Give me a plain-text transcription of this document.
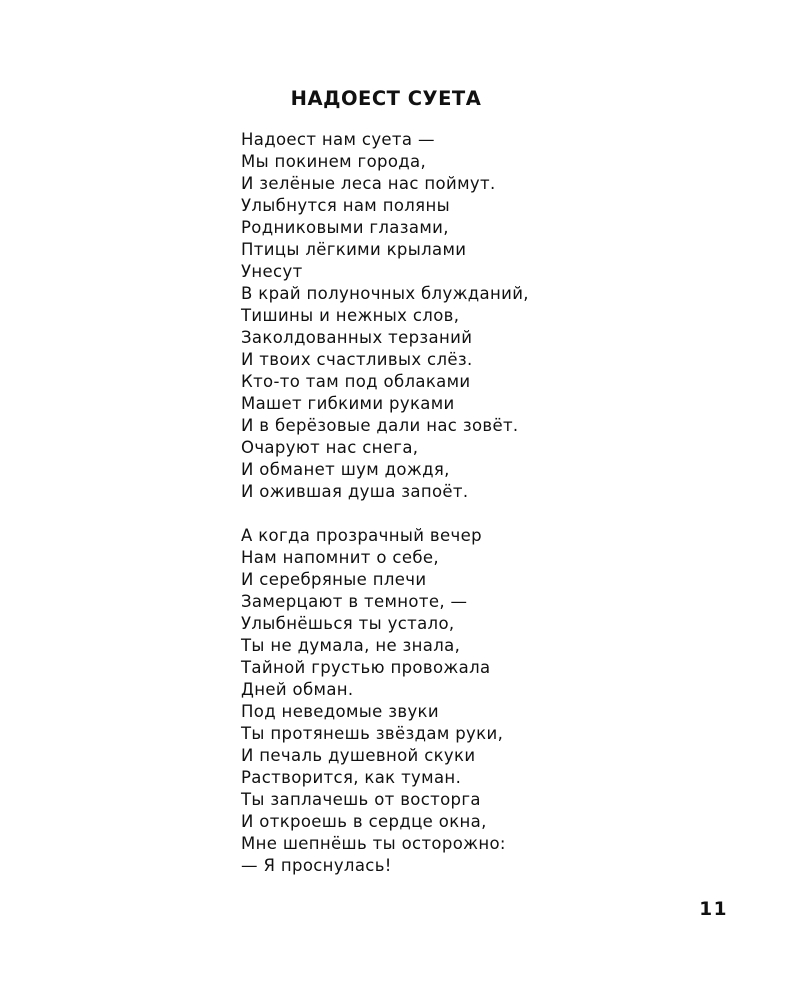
НАДОЕСТ СУЕТА
Надоест нам суета —
Мы покинем города,
И зелёные леса нас поймут.
Улыбнутся нам поляны
Родниковыми глазами,
Птицы лёгкими крылами
Унесут
В край полуночных блужданий,
Тишины и нежных слов,
Заколдованных терзаний
И твоих счастливых слёз.
Кто-то там под облаками
Машет гибкими руками
И в берёзовые дали нас зовёт.
Очаруют нас снега,
И обманет шум дождя,
И ожившая душа запоёт.
А когда прозрачный вечер
Нам напомнит о себе,
И серебряные плечи
Замерцают в темноте, —
Улыбнёшься ты устало,
Ты не думала, не знала,
Тайной грустью провожала
Дней обман.
Под неведомые звуки
Ты протянешь звёздам руки,
И печаль душевной скуки
Растворится, как туман.
Ты заплачешь от восторга
И откроешь в сердце окна,
Мне шепнёшь ты осторожно:
— Я проснулась!
11
